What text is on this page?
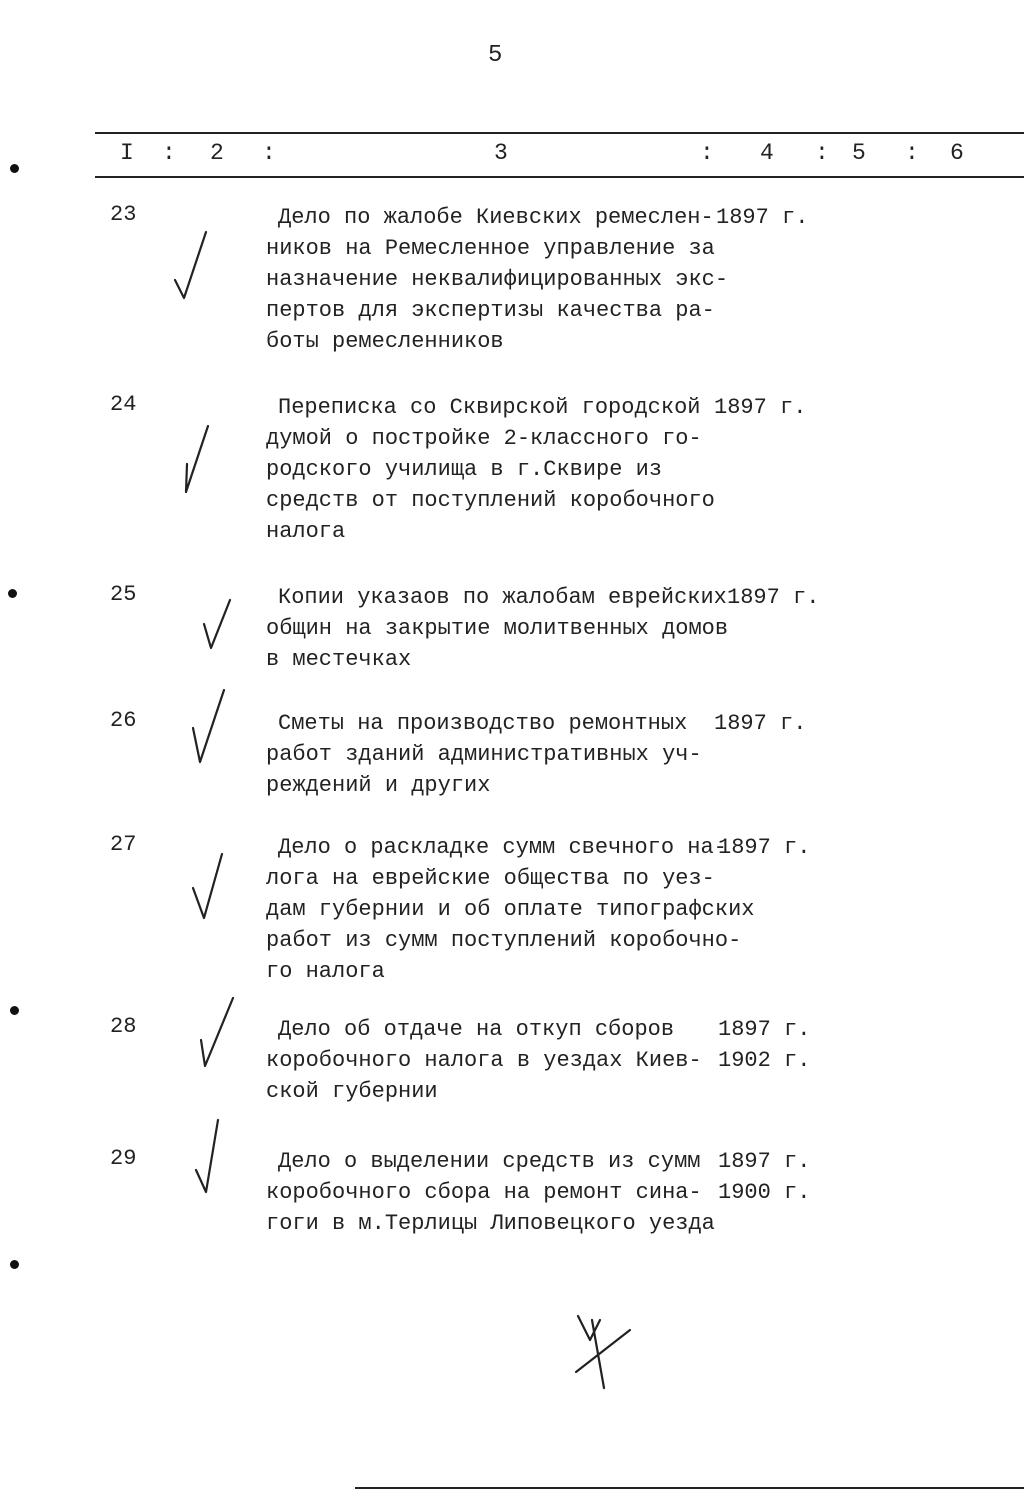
5
I : 2 :	3	: 4 : 5 : 6
23	Дело по жалобе Киевских ремеслен-
ников на Ремесленное управление за
назначение неквалифицированных экс-
пертов для экспертизы качества ра-
боты ремесленников
1897 г.
24	Переписка со Сквирской городской
думой о постройке 2-классного го-
родского училища в г.Сквире из
средств от поступлений коробочного
налога
1897 г.
25	Копии указаов по жалобам еврейских
общин на закрытие молитвенных домов
в местечках
1897 г.
26	Сметы на производство ремонтных
работ зданий административных уч-
реждений и других
1897 г.
27	Дело о раскладке сумм свечного на-
лога на еврейские общества по уез-
дам губернии и об оплате типографских
работ из сумм поступлений коробочно-
го налога
1897 г.
28	Дело об отдаче на откуп сборов
коробочного налога в уездах Киев-
ской губернии
1897 г.
1902 г.
29	Дело о выделении средств из сумм
коробочного сбора на ремонт сина-
гоги в м.Терлицы Липовецкого уезда
1897 г.
1900 г.
